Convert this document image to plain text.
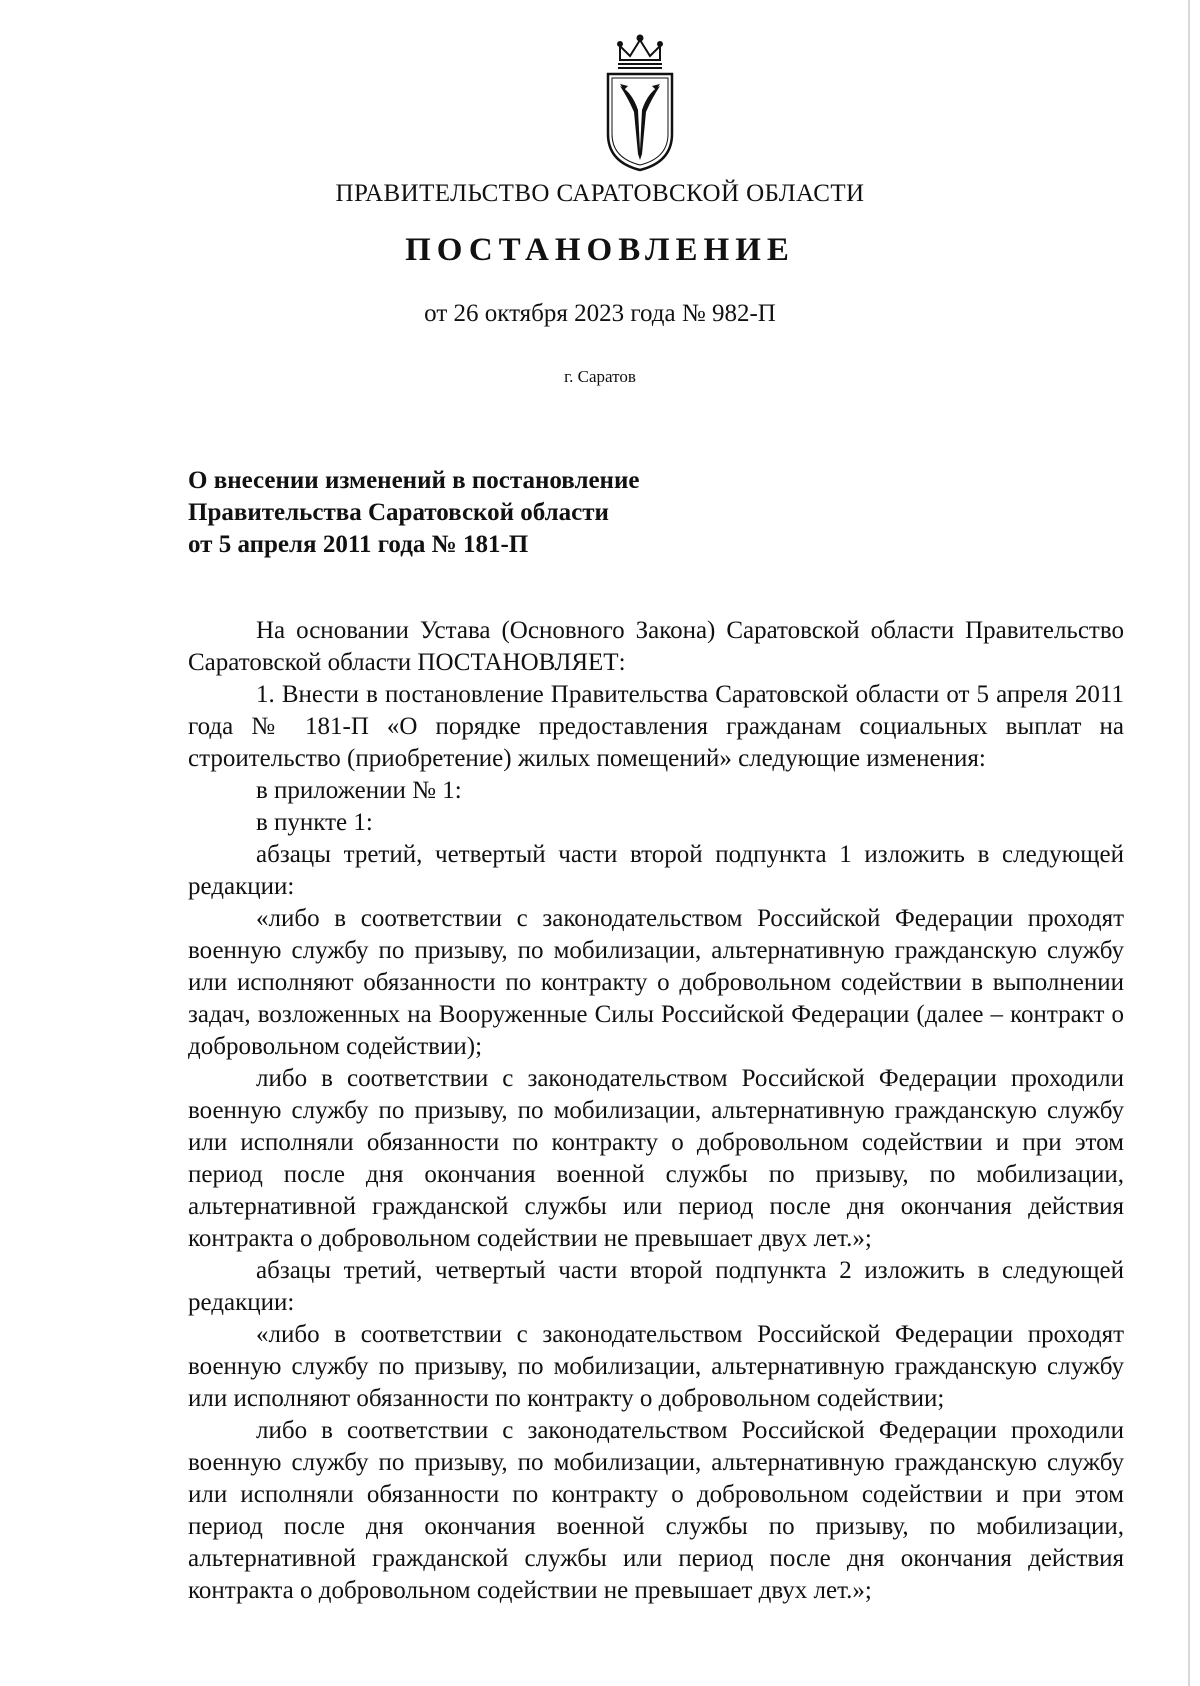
ПРАВИТЕЛЬСТВО САРАТОВСКОЙ ОБЛАСТИ
ПОСТАНОВЛЕНИЕ
от 26 октября 2023 года № 982-П
г. Саратов
О внесении изменений в постановление
Правительства Саратовской области
от 5 апреля 2011 года № 181-П

На основании Устава (Основного Закона) Саратовской области Правительство Саратовской области ПОСТАНОВЛЯЕТ:

1. Внести в постановление Правительства Саратовской области от 5 апреля 2011 года № 181-П «О порядке предоставления гражданам социальных выплат на строительство (приобретение) жилых помещений» следующие изменения:

в приложении № 1:

в пункте 1:

абзацы третий, четвертый части второй подпункта 1 изложить в следующей редакции:

«либо в соответствии с законодательством Российской Федерации проходят военную службу по призыву, по мобилизации, альтернативную гражданскую службу или исполняют обязанности по контракту о добровольном содействии в выполнении задач, возложенных на Вооруженные Силы Российской Федерации (далее – контракт о добровольном содействии);

либо в соответствии с законодательством Российской Федерации проходили военную службу по призыву, по мобилизации, альтернативную гражданскую службу или исполняли обязанности по контракту о добровольном содействии и при этом период после дня окончания военной службы по призыву, по мобилизации, альтернативной гражданской службы или период после дня окончания действия контракта о добровольном содействии не превышает двух лет.»;

абзацы третий, четвертый части второй подпункта 2 изложить в следующей редакции:

«либо в соответствии с законодательством Российской Федерации проходят военную службу по призыву, по мобилизации, альтернативную гражданскую службу или исполняют обязанности по контракту о добровольном содействии;

либо в соответствии с законодательством Российской Федерации проходили военную службу по призыву, по мобилизации, альтернативную гражданскую службу или исполняли обязанности по контракту о добровольном содействии и при этом период после дня окончания военной службы по призыву, по мобилизации, альтернативной гражданской службы или период после дня окончания действия контракта о добровольном содействии не превышает двух лет.»;
